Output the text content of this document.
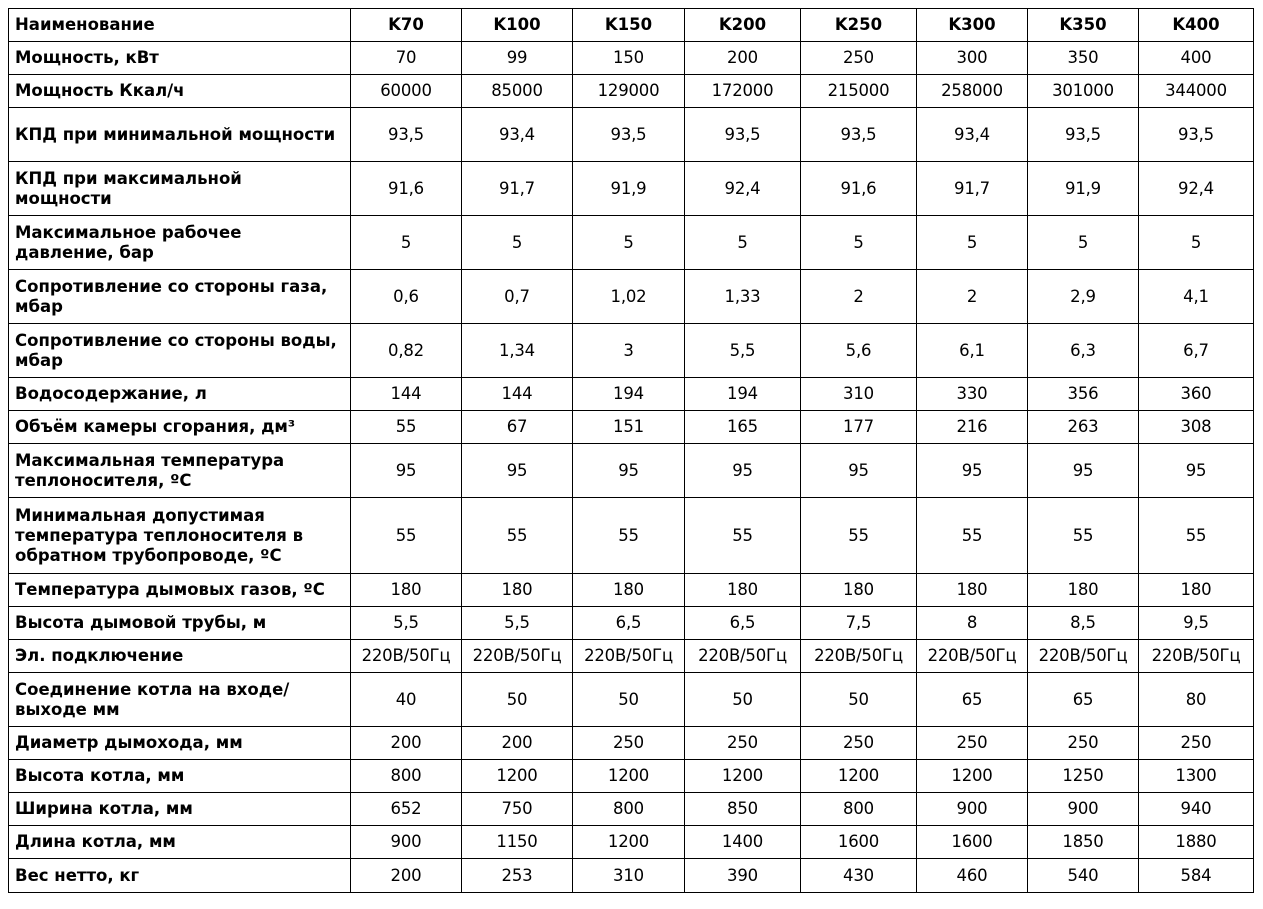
Наименование	K70	K100	K150	K200	K250	K300	K350	K400
Мощность, кВт	70	99	150	200	250	300	350	400
Мощность Ккал/ч	60000	85000	129000	172000	215000	258000	301000	344000
КПД при минимальной мощности	93,5	93,4	93,5	93,5	93,5	93,4	93,5	93,5
КПД при максимальной мощности	91,6	91,7	91,9	92,4	91,6	91,7	91,9	92,4
Максимальное рабочее давление, бар	5	5	5	5	5	5	5	5
Сопротивление со стороны газа, мбар	0,6	0,7	1,02	1,33	2	2	2,9	4,1
Сопротивление со стороны воды, мбар	0,82	1,34	3	5,5	5,6	6,1	6,3	6,7
Водосодержание, л	144	144	194	194	310	330	356	360
Объём камеры сгорания, дм³	55	67	151	165	177	216	263	308
Максимальная температура теплоносителя, ºС	95	95	95	95	95	95	95	95
Минимальная допустимая температура теплоносителя в обратном трубопроводе, ºС	55	55	55	55	55	55	55	55
Температура дымовых газов, ºС	180	180	180	180	180	180	180	180
Высота дымовой трубы, м	5,5	5,5	6,5	6,5	7,5	8	8,5	9,5
Эл. подключение	220В/50Гц	220В/50Гц	220В/50Гц	220В/50Гц	220В/50Гц	220В/50Гц	220В/50Гц	220В/50Гц
Соединение котла на входе/выходе мм	40	50	50	50	50	65	65	80
Диаметр дымохода, мм	200	200	250	250	250	250	250	250
Высота котла, мм	800	1200	1200	1200	1200	1200	1250	1300
Ширина котла, мм	652	750	800	850	800	900	900	940
Длина котла, мм	900	1150	1200	1400	1600	1600	1850	1880
Вес нетто, кг	200	253	310	390	430	460	540	584
